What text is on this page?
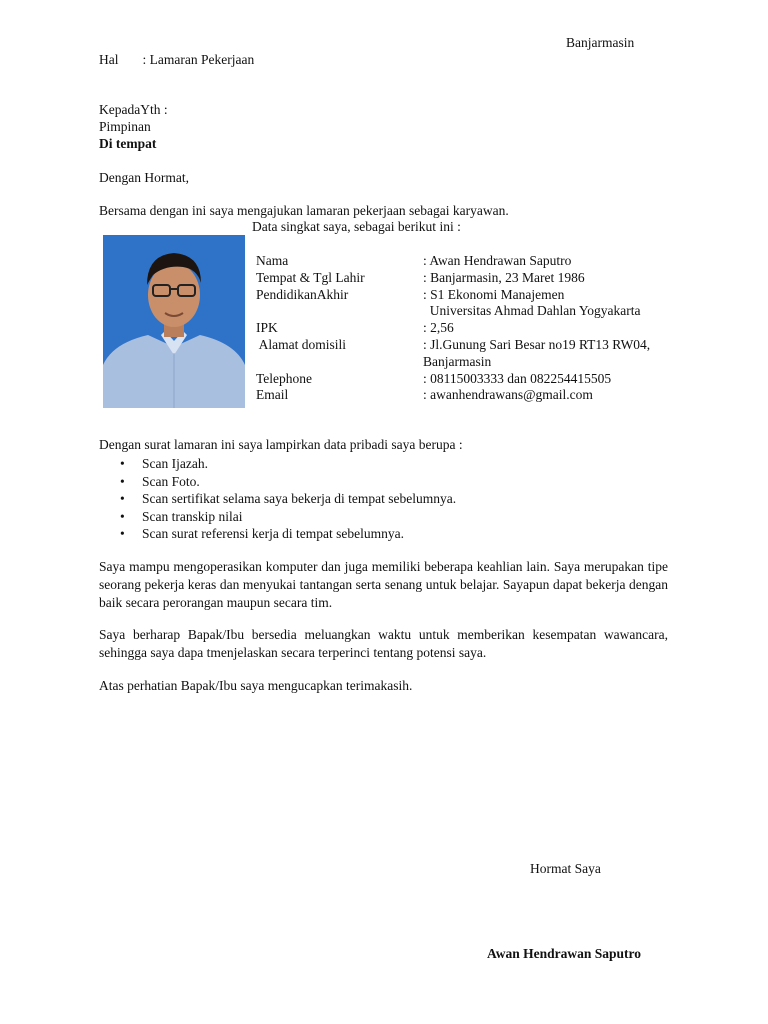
Banjarmasin
Hal : Lamaran Pekerjaan
KepadaYth :
Pimpinan
Di tempat
Dengan Hormat,
Bersama dengan ini saya mengajukan lamaran pekerjaan sebagai karyawan.
Data singkat saya, sebagai berikut ini :
Nama	: Awan Hendrawan Saputro
Tempat & Tgl Lahir	: Banjarmasin, 23 Maret 1986
PendidikanAkhir	: S1 Ekonomi Manajemen
Universitas Ahmad Dahlan Yogyakarta
IPK	: 2,56
Alamat domisili	: Jl.Gunung Sari Besar no19 RT13 RW04,
Banjarmasin
Telephone	: 08115003333 dan 082254415505
Email	: awanhendrawans@gmail.com
Dengan surat lamaran ini saya lampirkan data pribadi saya berupa :
• Scan Ijazah.
• Scan Foto.
• Scan sertifikat selama saya bekerja di tempat sebelumnya.
• Scan transkip nilai
• Scan surat referensi kerja di tempat sebelumnya.
Saya mampu mengoperasikan komputer dan juga memiliki beberapa keahlian lain. Saya merupakan tipe seorang pekerja keras dan menyukai tantangan serta senang untuk belajar. Sayapun dapat bekerja dengan baik secara perorangan maupun secara tim.
Saya berharap Bapak/Ibu bersedia meluangkan waktu untuk memberikan kesempatan wawancara, sehingga saya dapa tmenjelaskan secara terperinci tentang potensi saya.
Atas perhatian Bapak/Ibu saya mengucapkan terimakasih.
Hormat Saya
Awan Hendrawan Saputro
